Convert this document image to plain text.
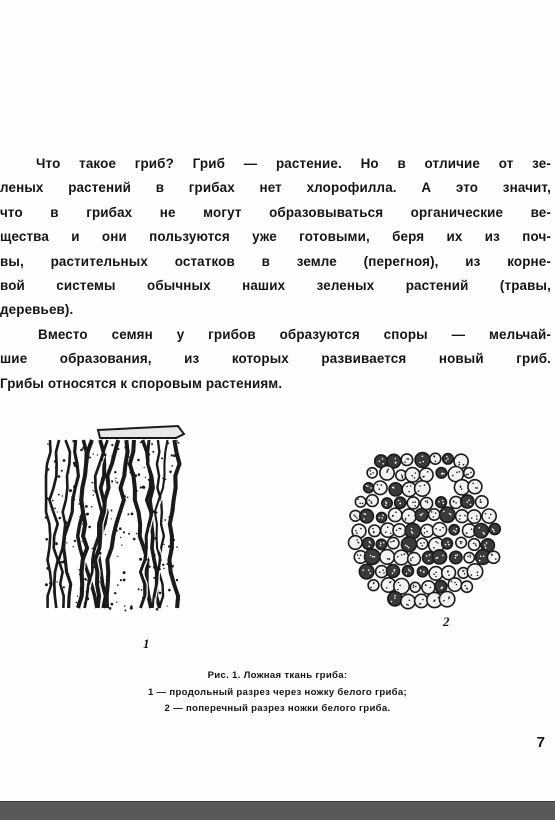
Что такое гриб? Гриб — растение. Но в отличие от зе-
леных растений в грибах нет хлорофилла. А это значит,
что в грибах не могут образовываться органические ве-
щества и они пользуются уже готовыми, беря их из поч-
вы, растительных остатков в земле (перегноя), из корне-
вой системы обычных наших зеленых растений (травы,
деревьев).
Вместо семян у грибов образуются споры — мельчай-
шие образования, из которых развивается новый гриб.
Грибы относятся к споровым растениям.
1
2
Рис. 1. Ложная ткань гриба:
1 — продольный разрез через ножку белого гриба;
2 — поперечный разрез ножки белого гриба.
7
